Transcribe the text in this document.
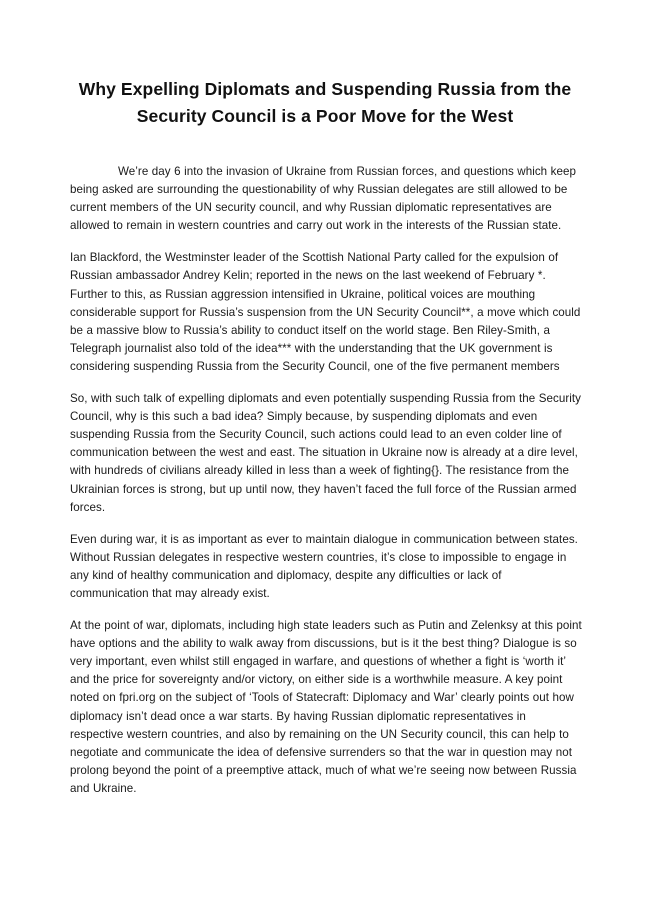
Why Expelling Diplomats and Suspending Russia from the Security Council is a Poor Move for the West

We’re day 6 into the invasion of Ukraine from Russian forces, and questions which keep being asked are surrounding the questionability of why Russian delegates are still allowed to be current members of the UN security council, and why Russian diplomatic representatives are allowed to remain in western countries and carry out work in the interests of the Russian state.

Ian Blackford, the Westminster leader of the Scottish National Party called for the expulsion of Russian ambassador Andrey Kelin; reported in the news on the last weekend of February *. Further to this, as Russian aggression intensified in Ukraine, political voices are mouthing considerable support for Russia’s suspension from the UN Security Council**, a move which could be a massive blow to Russia’s ability to conduct itself on the world stage. Ben Riley-Smith, a Telegraph journalist also told of the idea*** with the understanding that the UK government is considering suspending Russia from the Security Council, one of the five permanent members

So, with such talk of expelling diplomats and even potentially suspending Russia from the Security Council, why is this such a bad idea? Simply because, by suspending diplomats and even suspending Russia from the Security Council, such actions could lead to an even colder line of communication between the west and east. The situation in Ukraine now is already at a dire level, with hundreds of civilians already killed in less than a week of fighting{}. The resistance from the Ukrainian forces is strong, but up until now, they haven’t faced the full force of the Russian armed forces.

Even during war, it is as important as ever to maintain dialogue in communication between states. Without Russian delegates in respective western countries, it’s close to impossible to engage in any kind of healthy communication and diplomacy, despite any difficulties or lack of communication that may already exist.

At the point of war, diplomats, including high state leaders such as Putin and Zelenksy at this point have options and the ability to walk away from discussions, but is it the best thing? Dialogue is so very important, even whilst still engaged in warfare, and questions of whether a fight is ‘worth it’ and the price for sovereignty and/or victory, on either side is a worthwhile measure. A key point noted on fpri.org on the subject of ‘Tools of Statecraft: Diplomacy and War’ clearly points out how diplomacy isn’t dead once a war starts. By having Russian diplomatic representatives in respective western countries, and also by remaining on the UN Security council, this can help to negotiate and communicate the idea of defensive surrenders so that the war in question may not prolong beyond the point of a preemptive attack, much of what we’re seeing now between Russia and Ukraine.
